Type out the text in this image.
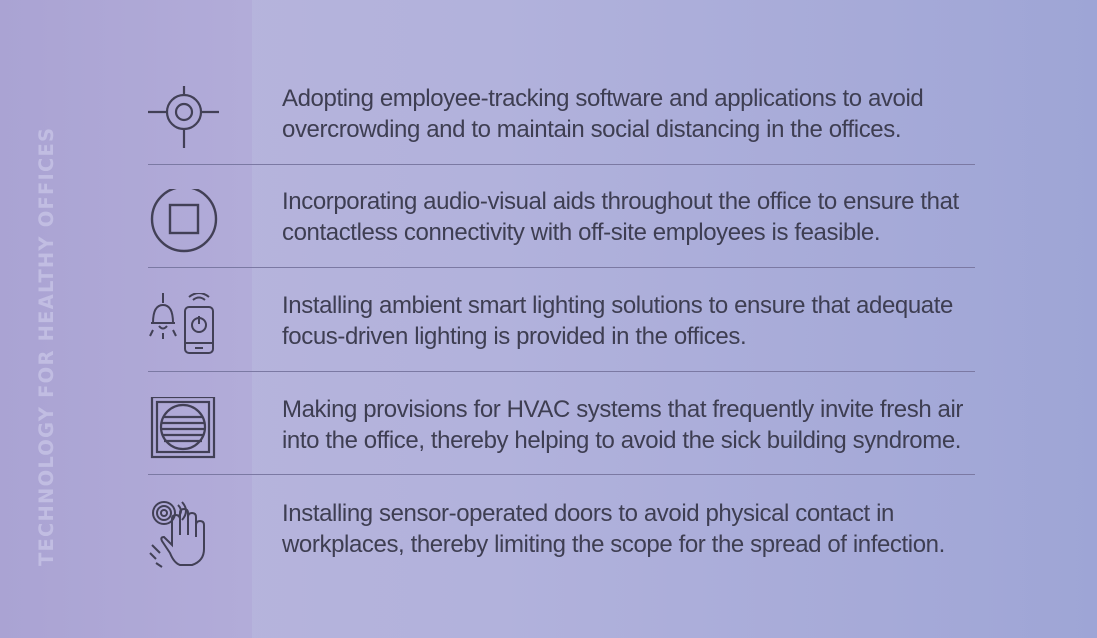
TECHNOLOGY FOR HEALTHY OFFICES
Adopting employee-tracking software and applications to avoid
overcrowding and to maintain social distancing in the offices.
Incorporating audio-visual aids throughout the office to ensure that
contactless connectivity with off-site employees is feasible.
Installing ambient smart lighting solutions to ensure that adequate
focus-driven lighting is provided in the offices.
Making provisions for HVAC systems that frequently invite fresh air
into the office, thereby helping to avoid the sick building syndrome.
Installing sensor-operated doors to avoid physical contact in
workplaces, thereby limiting the scope for the spread of infection.
